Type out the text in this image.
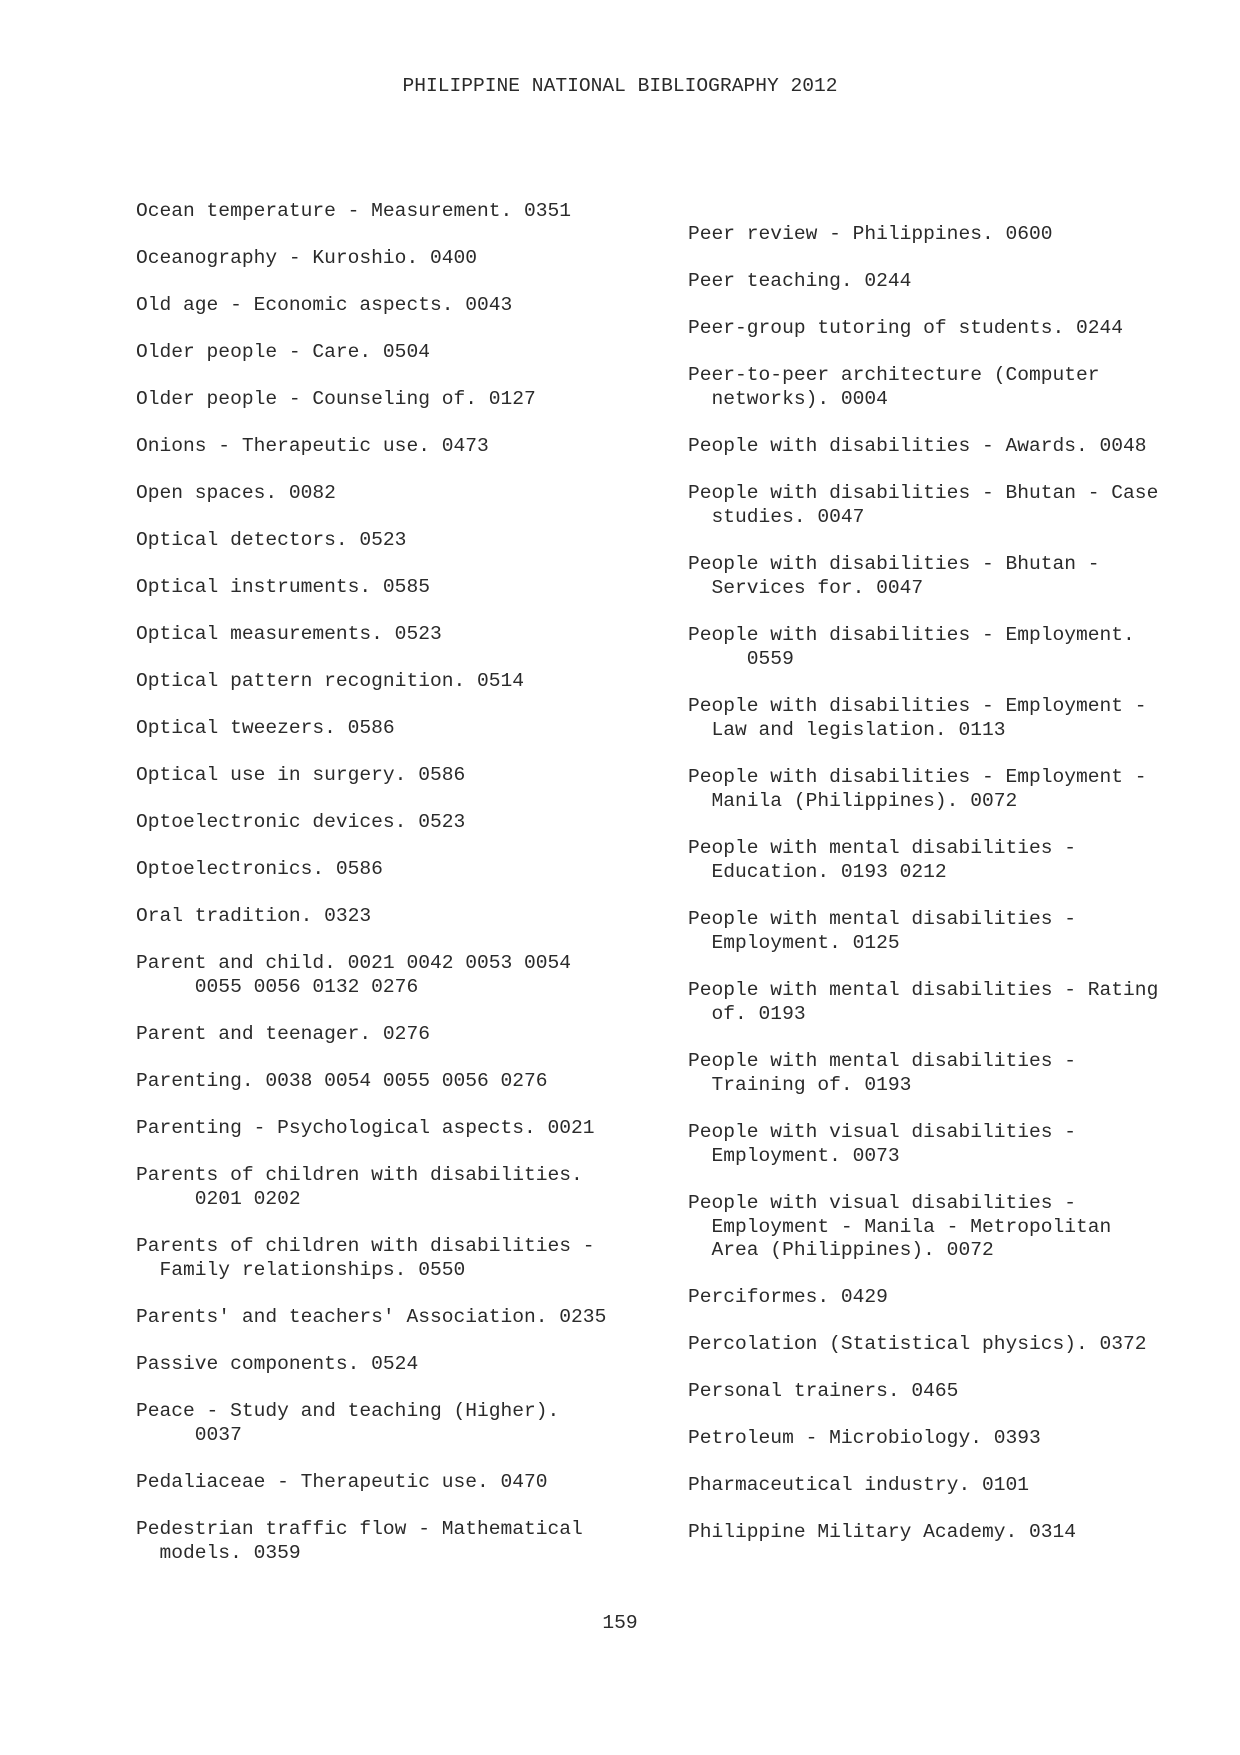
PHILIPPINE NATIONAL BIBLIOGRAPHY 2012
Ocean temperature - Measurement. 0351
Oceanography - Kuroshio. 0400
Old age - Economic aspects. 0043
Older people - Care. 0504
Older people - Counseling of. 0127
Onions - Therapeutic use. 0473
Open spaces. 0082
Optical detectors. 0523
Optical instruments. 0585
Optical measurements. 0523
Optical pattern recognition. 0514
Optical tweezers. 0586
Optical use in surgery. 0586
Optoelectronic devices. 0523
Optoelectronics. 0586
Oral tradition. 0323
Parent and child. 0021 0042 0053 0054
0055 0056 0132 0276
Parent and teenager. 0276
Parenting. 0038 0054 0055 0056 0276
Parenting - Psychological aspects. 0021
Parents of children with disabilities.
0201 0202
Parents of children with disabilities -
Family relationships. 0550
Parents' and teachers' Association. 0235
Passive components. 0524
Peace - Study and teaching (Higher).
0037
Pedaliaceae - Therapeutic use. 0470
Pedestrian traffic flow - Mathematical
models. 0359
Peer review - Philippines. 0600
Peer teaching. 0244
Peer-group tutoring of students. 0244
Peer-to-peer architecture (Computer
networks). 0004
People with disabilities - Awards. 0048
People with disabilities - Bhutan - Case
studies. 0047
People with disabilities - Bhutan -
Services for. 0047
People with disabilities - Employment.
0559
People with disabilities - Employment -
Law and legislation. 0113
People with disabilities - Employment -
Manila (Philippines). 0072
People with mental disabilities -
Education. 0193 0212
People with mental disabilities -
Employment. 0125
People with mental disabilities - Rating
of. 0193
People with mental disabilities -
Training of. 0193
People with visual disabilities -
Employment. 0073
People with visual disabilities -
Employment - Manila - Metropolitan
Area (Philippines). 0072
Perciformes. 0429
Percolation (Statistical physics). 0372
Personal trainers. 0465
Petroleum - Microbiology. 0393
Pharmaceutical industry. 0101
Philippine Military Academy. 0314
159
